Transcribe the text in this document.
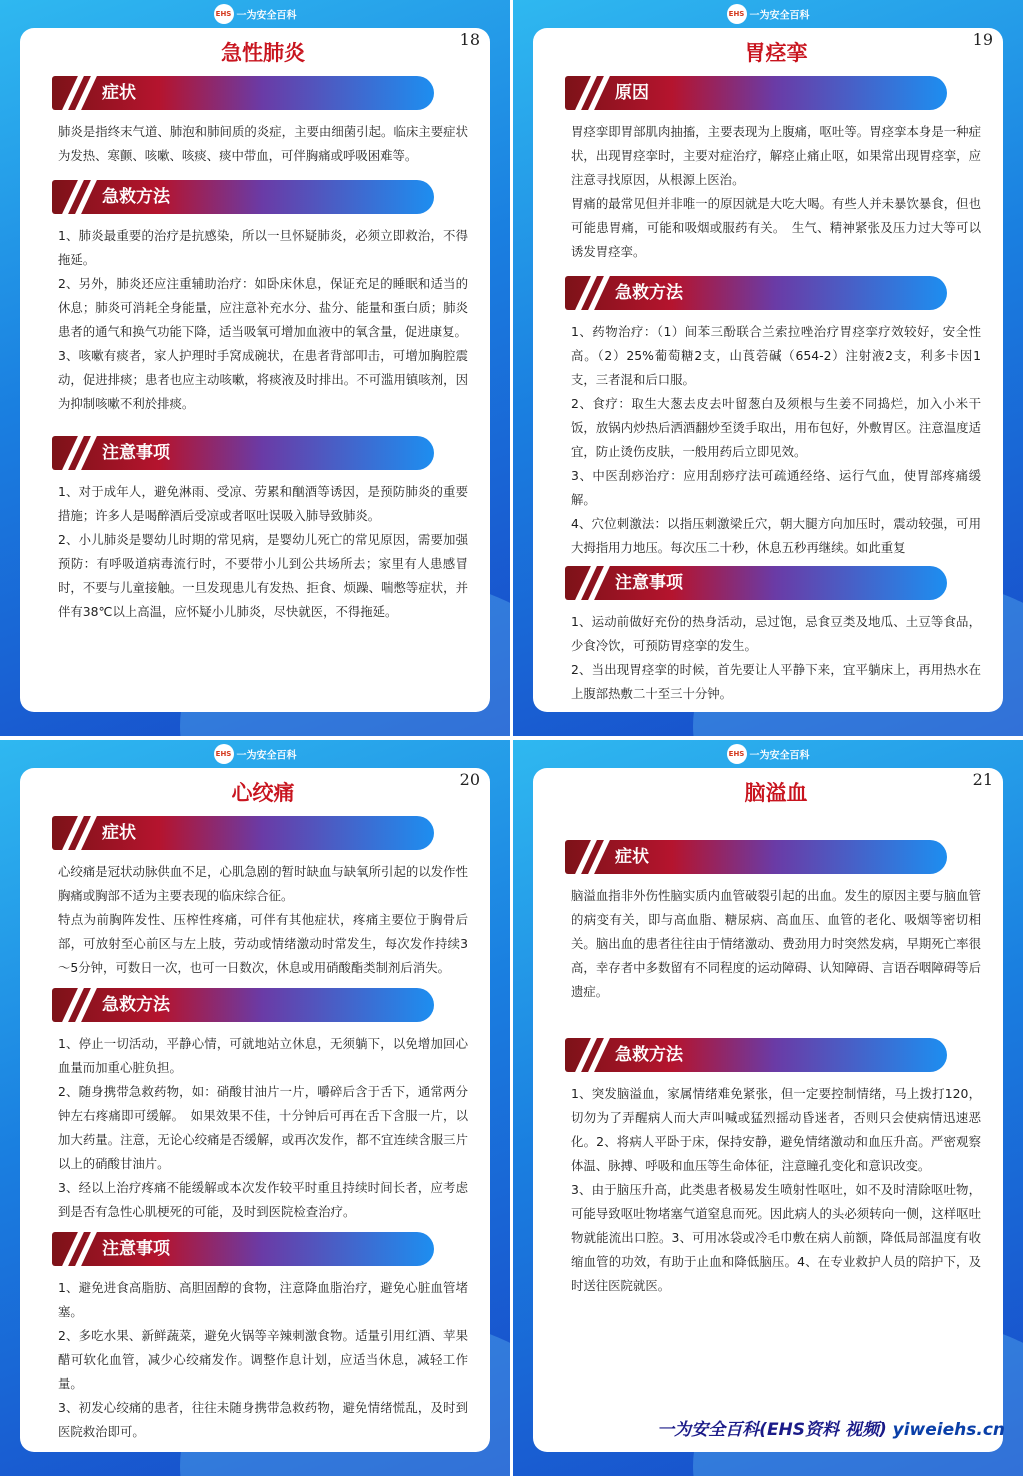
EHS 一为安全百科
18
急性肺炎
症状

肺炎是指终末气道、肺泡和肺间质的炎症，主要由细菌引起。临床主要症状为发热、寒颤、咳嗽、咳痰、痰中带血，可伴胸痛或呼吸困难等。

急救方法

1、肺炎最重要的治疗是抗感染，所以一旦怀疑肺炎，必须立即救治，不得拖延。

2、另外，肺炎还应注重辅助治疗：如卧床休息，保证充足的睡眠和适当的休息；肺炎可消耗全身能量，应注意补充水分、盐分、能量和蛋白质；肺炎患者的通气和换气功能下降，适当吸氧可增加血液中的氧含量，促进康复。

3、咳嗽有痰者，家人护理时手窝成碗状，在患者背部叩击，可增加胸腔震动，促进排痰；患者也应主动咳嗽，将痰液及时排出。不可滥用镇咳剂，因为抑制咳嗽不利於排痰。

注意事项

1、对于成年人，避免淋雨、受凉、劳累和酗酒等诱因，是预防肺炎的重要措施；许多人是喝醉酒后受凉或者呕吐误吸入肺导致肺炎。

2、小儿肺炎是婴幼儿时期的常见病，是婴幼儿死亡的常见原因，需要加强预防：有呼吸道病毒流行时，不要带小儿到公共场所去；家里有人患感冒时，不要与儿童接触。一旦发现患儿有发热、拒食、烦躁、喘憋等症状，并伴有38℃以上高温，应怀疑小儿肺炎，尽快就医，不得拖延。

EHS 一为安全百科
19
胃痉挛
原因

胃痉挛即胃部肌肉抽搐，主要表现为上腹痛，呕吐等。胃痉挛本身是一种症状，出现胃痉挛时，主要对症治疗，解痉止痛止呕，如果常出现胃痉挛，应注意寻找原因，从根源上医治。

胃痛的最常见但并非唯一的原因就是大吃大喝。有些人并未暴饮暴食，但也可能患胃痛，可能和吸烟或服药有关。　生气、精神紧张及压力过大等可以诱发胃痉挛。

急救方法

1、药物治疗：（1）间苯三酚联合兰索拉唑治疗胃痉挛疗效较好，安全性高。（2）25%葡萄糖2支，山莨菪碱（654-2）注射液2支，利多卡因1支，三者混和后口服。

2、食疗：取生大葱去皮去叶留葱白及须根与生姜不同捣烂，加入小米干饭，放锅内炒热后洒酒翻炒至烫手取出，用布包好，外敷胃区。注意温度适宜，防止烫伤皮肤，一般用药后立即见效。

3、中医刮痧治疗：应用刮痧疗法可疏通经络、运行气血，使胃部疼痛缓解。

4、穴位刺激法：以指压刺激梁丘穴，朝大腿方向加压时，震动较强，可用大拇指用力地压。每次压二十秒，休息五秒再继续。如此重复

注意事项

1、运动前做好充份的热身活动，忌过饱，忌食豆类及地瓜、土豆等食品，少食冷饮，可预防胃痉挛的发生。

2、当出现胃痉挛的时候，首先要让人平静下来，宜平躺床上，再用热水在上腹部热敷二十至三十分钟。

EHS 一为安全百科
20
心绞痛
症状

心绞痛是冠状动脉供血不足，心肌急剧的暂时缺血与缺氧所引起的以发作性胸痛或胸部不适为主要表现的临床综合征。

特点为前胸阵发性、压榨性疼痛，可伴有其他症状，疼痛主要位于胸骨后部，可放射至心前区与左上肢，劳动或情绪激动时常发生，每次发作持续3～5分钟，可数日一次，也可一日数次，休息或用硝酸酯类制剂后消失。

急救方法

1、停止一切活动，平静心情，可就地站立休息，无须躺下，以免增加回心血量而加重心脏负担。

2、随身携带急救药物，如：硝酸甘油片一片，嚼碎后含于舌下，通常两分钟左右疼痛即可缓解。　如果效果不佳，十分钟后可再在舌下含服一片，以加大药量。注意，无论心绞痛是否缓解，或再次发作，都不宜连续含服三片以上的硝酸甘油片。

3、经以上治疗疼痛不能缓解或本次发作较平时重且持续时间长者，应考虑到是否有急性心肌梗死的可能，及时到医院检查治疗。

注意事项

1、避免进食高脂肪、高胆固醇的食物，注意降血脂治疗，避免心脏血管堵塞。

2、多吃水果、新鲜蔬菜，避免火锅等辛辣刺激食物。适量引用红酒、苹果醋可软化血管，减少心绞痛发作。调整作息计划，应适当休息，减轻工作量。

3、初发心绞痛的患者，往往未随身携带急救药物，避免情绪慌乱，及时到医院救治即可。

EHS 一为安全百科
21
脑溢血
症状

脑溢血指非外伤性脑实质内血管破裂引起的出血。发生的原因主要与脑血管的病变有关，即与高血脂、糖尿病、高血压、血管的老化、吸烟等密切相关。脑出血的患者往往由于情绪激动、费劲用力时突然发病，早期死亡率很高，幸存者中多数留有不同程度的运动障碍、认知障碍、言语吞咽障碍等后遗症。

急救方法

1、突发脑溢血，家属情绪难免紧张，但一定要控制情绪，马上拨打120，切勿为了弄醒病人而大声叫喊或猛烈摇动昏迷者，否则只会使病情迅速恶化。2、将病人平卧于床，保持安静，避免情绪激动和血压升高。严密观察体温、脉搏、呼吸和血压等生命体征，注意瞳孔变化和意识改变。

3、由于脑压升高，此类患者极易发生喷射性呕吐，如不及时清除呕吐物，可能导致呕吐物堵塞气道窒息而死。因此病人的头必须转向一侧，这样呕吐物就能流出口腔。3、可用冰袋或冷毛巾敷在病人前额，降低局部温度有收缩血管的功效，有助于止血和降低脑压。4、在专业救护人员的陪护下，及时送往医院就医。

一为安全百科(EHS资料 视频) yiweiehs.cn
